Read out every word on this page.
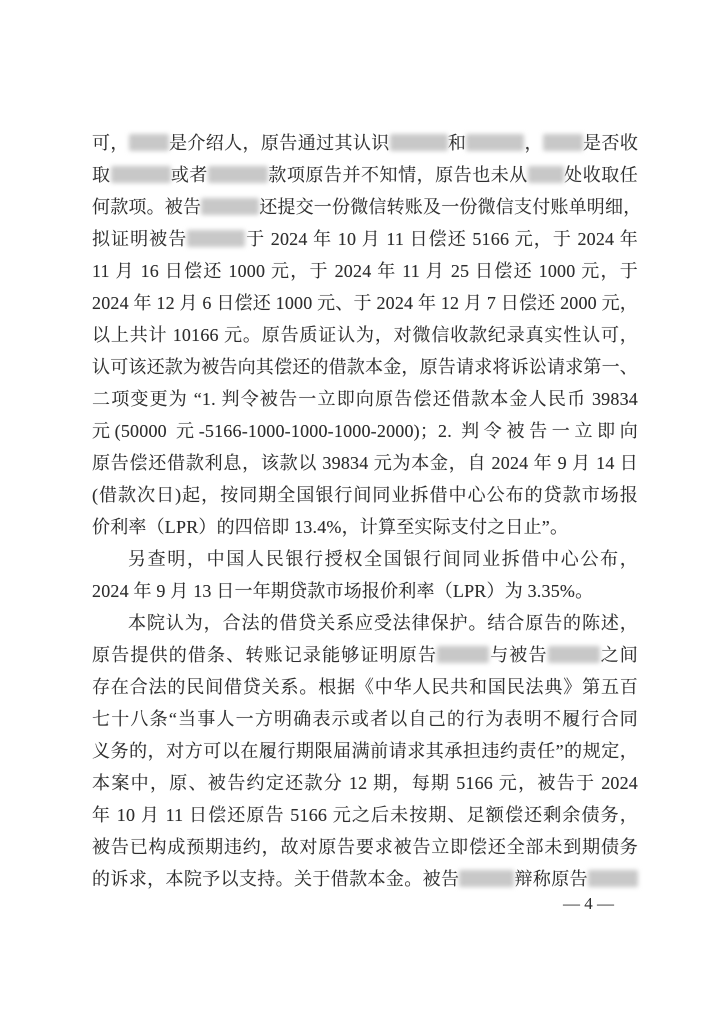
可， 是介绍人，原告通过其认识	和	， 是否收
取	或者	款项原告并不知情，原告也未从 处收取任
何款项。被告	还提交一份微信转账及一份微信支付账单明细，
拟证明被告	于 2024 年 10 月 11 日偿还 5166 元，于 2024 年
11 月 16 日偿还 1000 元，于 2024 年 11 月 25 日偿还 1000 元，于
2024 年 12 月 6 日偿还 1000 元、于 2024 年 12 月 7 日偿还 2000 元，
以上共计 10166 元。原告质证认为，对微信收款纪录真实性认可，
认可该还款为被告向其偿还的借款本金，原告请求将诉讼请求第一、
二项变更为 “1. 判令被告一立即向原告偿还借款本金人民币 39834
元(50000 元-5166-1000-1000-1000-2000)；2. 判令被告一立即向
原告偿还借款利息，该款以 39834 元为本金，自 2024 年 9 月 14 日
(借款次日)起，按同期全国银行间同业拆借中心公布的贷款市场报
价利率（LPR）的四倍即 13.4%，计算至实际支付之日止”。
另查明，中国人民银行授权全国银行间同业拆借中心公布，
2024 年 9 月 13 日一年期贷款市场报价利率（LPR）为 3.35%。
本院认为，合法的借贷关系应受法律保护。结合原告的陈述，
原告提供的借条、转账记录能够证明原告	与被告	之间
存在合法的民间借贷关系。根据《中华人民共和国民法典》第五百
七十八条“当事人一方明确表示或者以自己的行为表明不履行合同
义务的，对方可以在履行期限届满前请求其承担违约责任”的规定，
本案中，原、被告约定还款分 12 期，每期 5166 元，被告于 2024
年 10 月 11 日偿还原告 5166 元之后未按期、足额偿还剩余债务，
被告已构成预期违约，故对原告要求被告立即偿还全部未到期债务
的诉求，本院予以支持。关于借款本金。被告	辩称原告
— 4 —
